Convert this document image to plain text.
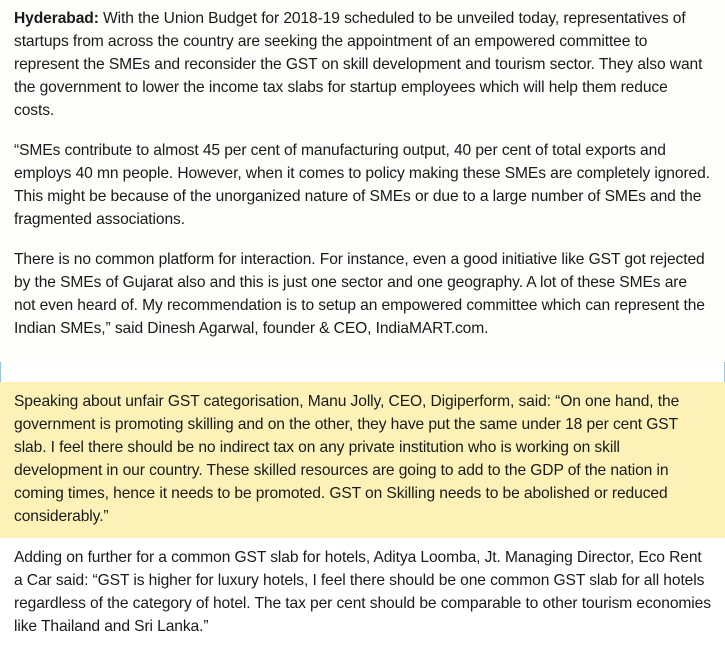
Hyderabad: With the Union Budget for 2018-19 scheduled to be unveiled today, representatives of startups from across the country are seeking the appointment of an empowered committee to represent the SMEs and reconsider the GST on skill development and tourism sector. They also want the government to lower the income tax slabs for startup employees which will help them reduce costs.

“SMEs contribute to almost 45 per cent of manufacturing output, 40 per cent of total exports and employs 40 mn people. However, when it comes to policy making these SMEs are completely ignored. This might be because of the unorganized nature of SMEs or due to a large number of SMEs and the fragmented associations.

There is no common platform for interaction. For instance, even a good initiative like GST got rejected by the SMEs of Gujarat also and this is just one sector and one geography. A lot of these SMEs are not even heard of. My recommendation is to setup an empowered committee which can represent the Indian SMEs,” said Dinesh Agarwal, founder & CEO, IndiaMART.com.

Speaking about unfair GST categorisation, Manu Jolly, CEO, Digiperform, said: “On one hand, the government is promoting skilling and on the other, they have put the same under 18 per cent GST slab. I feel there should be no indirect tax on any private institution who is working on skill development in our country. These skilled resources are going to add to the GDP of the nation in coming times, hence it needs to be promoted. GST on Skilling needs to be abolished or reduced considerably.”

Adding on further for a common GST slab for hotels, Aditya Loomba, Jt. Managing Director, Eco Rent a Car said: “GST is higher for luxury hotels, I feel there should be one common GST slab for all hotels regardless of the category of hotel. The tax per cent should be comparable to other tourism economies like Thailand and Sri Lanka.”
